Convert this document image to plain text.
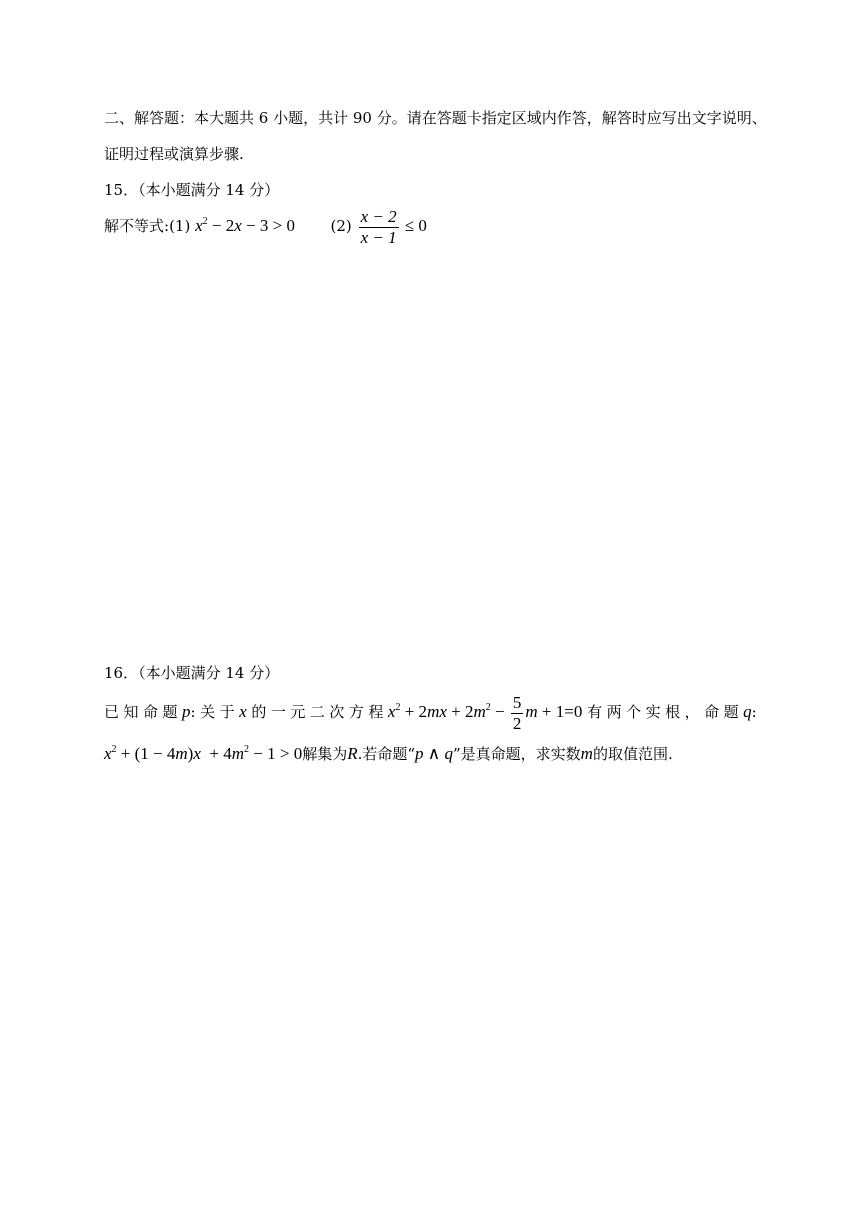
二、解答题：本大题共 6 小题，共计 90 分。请在答题卡指定区域内作答，解答时应写出文字说明、
证明过程或演算步骤.
15．（本小题满分 14 分）
解不等式:(1) $x^2 - 2x - 3 > 0$ $(2) \frac{x - 2}{x - 1} \le 0$
16．（本小题满分 14 分）
已知命题p:关于x 的一元二次方程$x^2 + 2mx + 2m^2 - \frac{5}{2}$ m + 1=0 有两个实根，命题q:
$x^2 + (1 - 4m)x + 4m^2 - 1 > 0$解集为R.若命题“p ∧ q”是真命题，求实数m的取值范围.
